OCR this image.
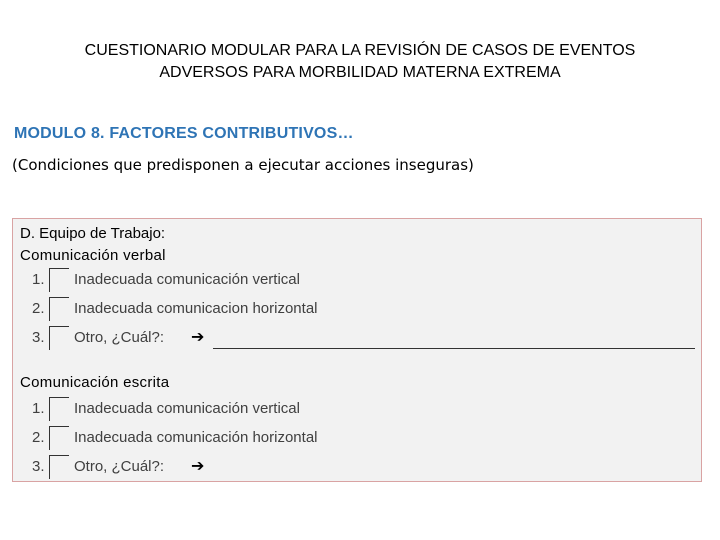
CUESTIONARIO MODULAR PARA LA REVISIÓN DE CASOS DE EVENTOS
ADVERSOS PARA MORBILIDAD MATERNA EXTREMA
MODULO 8. FACTORES CONTRIBUTIVOS…
(Condiciones que predisponen a ejecutar acciones inseguras)
D. Equipo de Trabajo:
Comunicación verbal
1. Inadecuada comunicación vertical
2. Inadecuada comunicacion horizontal
3. Otro, ¿Cuál?: ➔
Comunicación escrita
1. Inadecuada comunicación vertical
2. Inadecuada comunicación horizontal
3. Otro, ¿Cuál?: ➔
